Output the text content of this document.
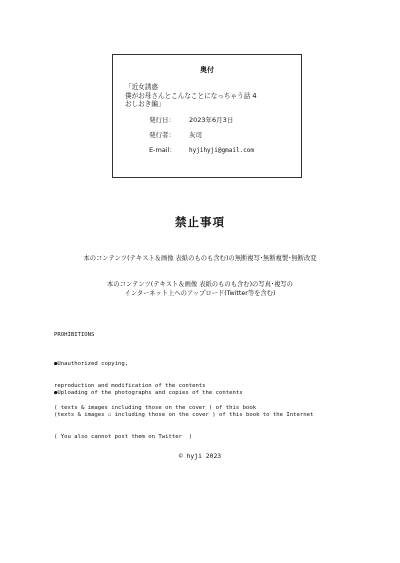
奥付
「近女誘惑
僕がお母さんとこんなことになっちゃう話 4
おしおき編」
発行日： 2023年6月3日
発行者： 灰司
E-mail： hyjihyji@gmail.com
禁止事項
本のコンテンツ(テキスト＆画像 表紙のものも含む)の無断複写･無断複製･無断改変
本のコンテンツ(テキスト＆画像 表紙のものも含む)の写真･複写の
インターネット上へのアップロード(Twitter等を含む)
PROHIBITIONS

●Unauthorized copying,

reproduction and modification of the contents

( texts & images including those on the cover ) of this book

●Uploading of the photographs and copies of the contents

(texts & images ☐ including those on the cover ) of this book to the Internet

( You also cannot post them on Twitter  )

© hyji 2023
